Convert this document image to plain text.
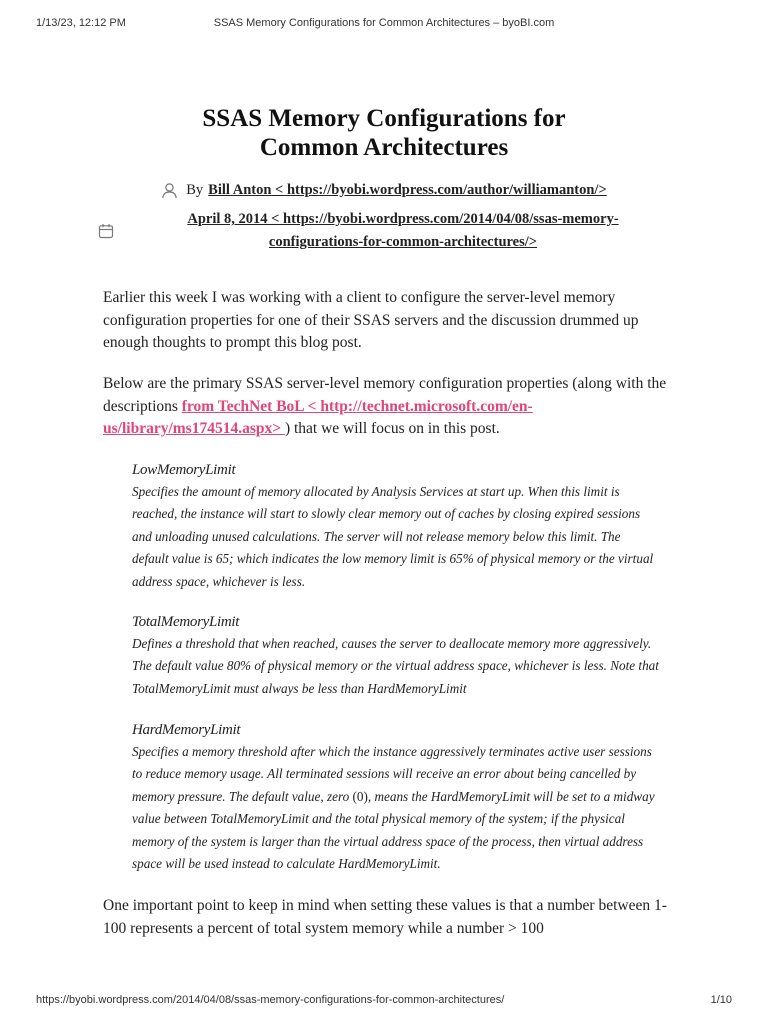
1/13/23, 12:12 PM	SSAS Memory Configurations for Common Architectures – byoBI.com
SSAS Memory Configurations for
Common Architectures
By Bill Anton < https://byobi.wordpress.com/author/williamanton/>
April 8, 2014 < https://byobi.wordpress.com/2014/04/08/ssas-memory-
configurations-for-common-architectures/>

Earlier this week I was working with a client to configure the server-level memory configuration properties for one of their SSAS servers and the discussion drummed up enough thoughts to prompt this blog post.

Below are the primary SSAS server-level memory configuration properties (along with the descriptions from TechNet BoL < http://technet.microsoft.com/en-us/library/ms174514.aspx> ) that we will focus on in this post.

LowMemoryLimit

Specifies the amount of memory allocated by Analysis Services at start up. When this limit is reached, the instance will start to slowly clear memory out of caches by closing expired sessions and unloading unused calculations. The server will not release memory below this limit. The default value is 65; which indicates the low memory limit is 65% of physical memory or the virtual address space, whichever is less.

TotalMemoryLimit

Defines a threshold that when reached, causes the server to deallocate memory more aggressively. The default value 80% of physical memory or the virtual address space, whichever is less. Note that TotalMemoryLimit must always be less than HardMemoryLimit

HardMemoryLimit

Specifies a memory threshold after which the instance aggressively terminates active user sessions to reduce memory usage. All terminated sessions will receive an error about being cancelled by memory pressure. The default value, zero (0), means the HardMemoryLimit will be set to a midway value between TotalMemoryLimit and the total physical memory of the system; if the physical memory of the system is larger than the virtual address space of the process, then virtual address space will be used instead to calculate HardMemoryLimit.

One important point to keep in mind when setting these values is that a number between 1-100 represents a percent of total system memory while a number > 100

https://byobi.wordpress.com/2014/04/08/ssas-memory-configurations-for-common-architectures/	1/10
